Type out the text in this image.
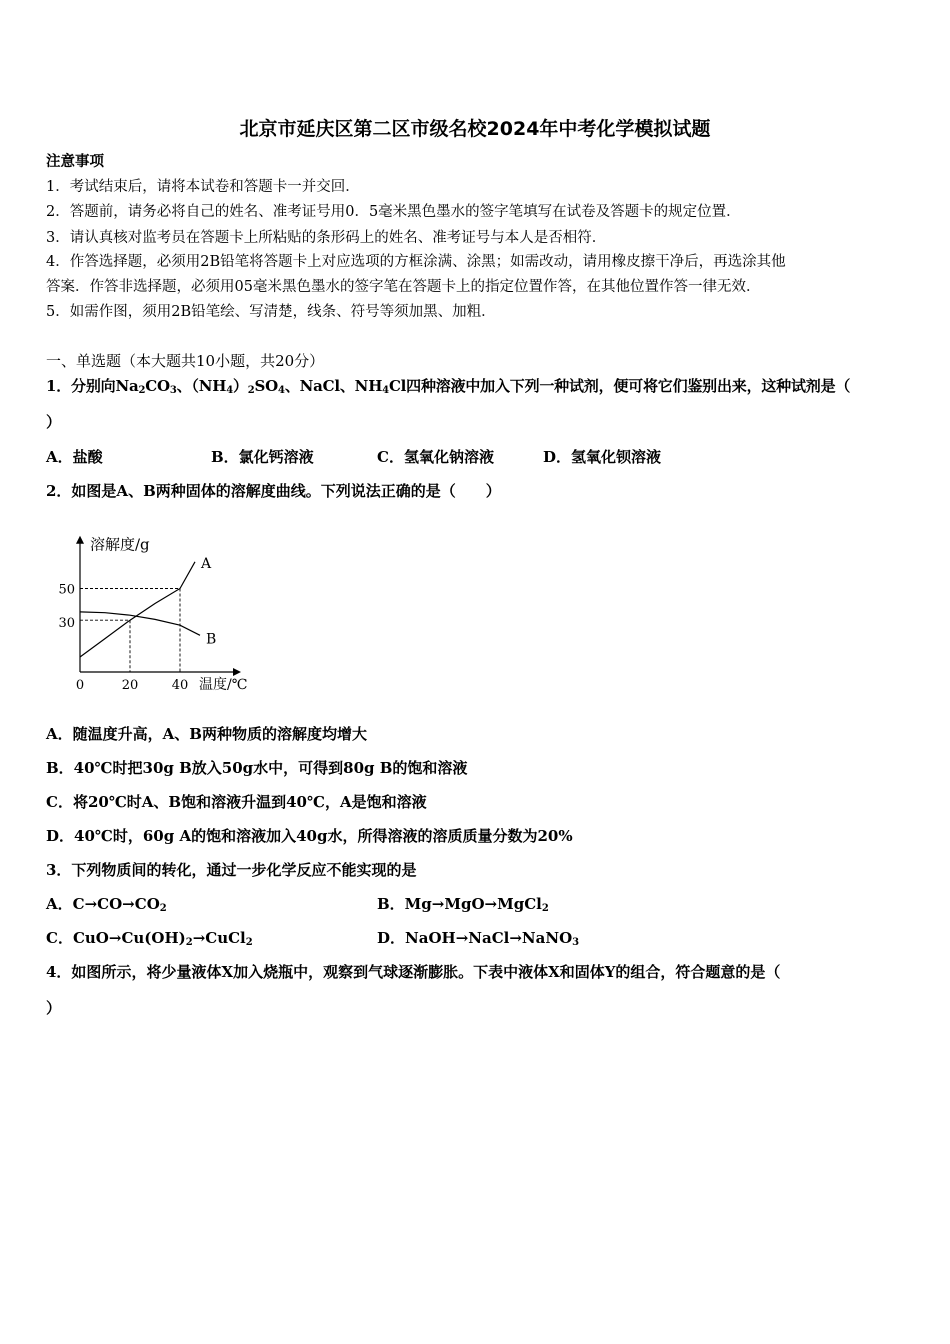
北京市延庆区第二区市级名校2024年中考化学模拟试题
注意事项
1．考试结束后，请将本试卷和答题卡一并交回．
2．答题前，请务必将自己的姓名、准考证号用0．5毫米黑色墨水的签字笔填写在试卷及答题卡的规定位置．
3．请认真核对监考员在答题卡上所粘贴的条形码上的姓名、准考证号与本人是否相符．
4．作答选择题，必须用2B铅笔将答题卡上对应选项的方框涂满、涂黑；如需改动，请用橡皮擦干净后，再选涂其他
答案．作答非选择题，必须用05毫米黑色墨水的签字笔在答题卡上的指定位置作答，在其他位置作答一律无效．
5．如需作图，须用2B铅笔绘、写清楚，线条、符号等须加黑、加粗．
一、单选题（本大题共10小题，共20分）
1．分别向$Na_2CO_3$、$(NH_4)_2SO_4$、NaCl、$NH_4Cl$四种溶液中加入下列一种试剂，便可将它们鉴别出来，这种试剂是（
）
A．盐酸	B．氯化钙溶液	C．氢氧化钠溶液	D．氢氧化钡溶液
2．如图是A、B两种固体的溶解度曲线。下列说法正确的是（　　）
A
B
0	20	40
30
50
溶解度/g
温度/℃
A．随温度升高，A、B两种物质的溶解度均增大
B．40℃时把30g B放入50g水中，可得到80g B的饱和溶液
C．将20℃时A、B饱和溶液升温到40℃，A是饱和溶液
D．40℃时，60g A的饱和溶液加入40g水，所得溶液的溶质质量分数为20%
3．下列物质间的转化，通过一步化学反应不能实现的是
A．$C\to CO\to CO_2$	B．Mg→MgO→MgCl$_2$
C．$CuO\to Cu(OH)_2\to CuCl_2$	D．NaOH→NaCl→NaNO$_3$
4．如图所示，将少量液体X加入烧瓶中，观察到气球逐渐膨胀。下表中液体X和固体Y的组合，符合题意的是（
）
